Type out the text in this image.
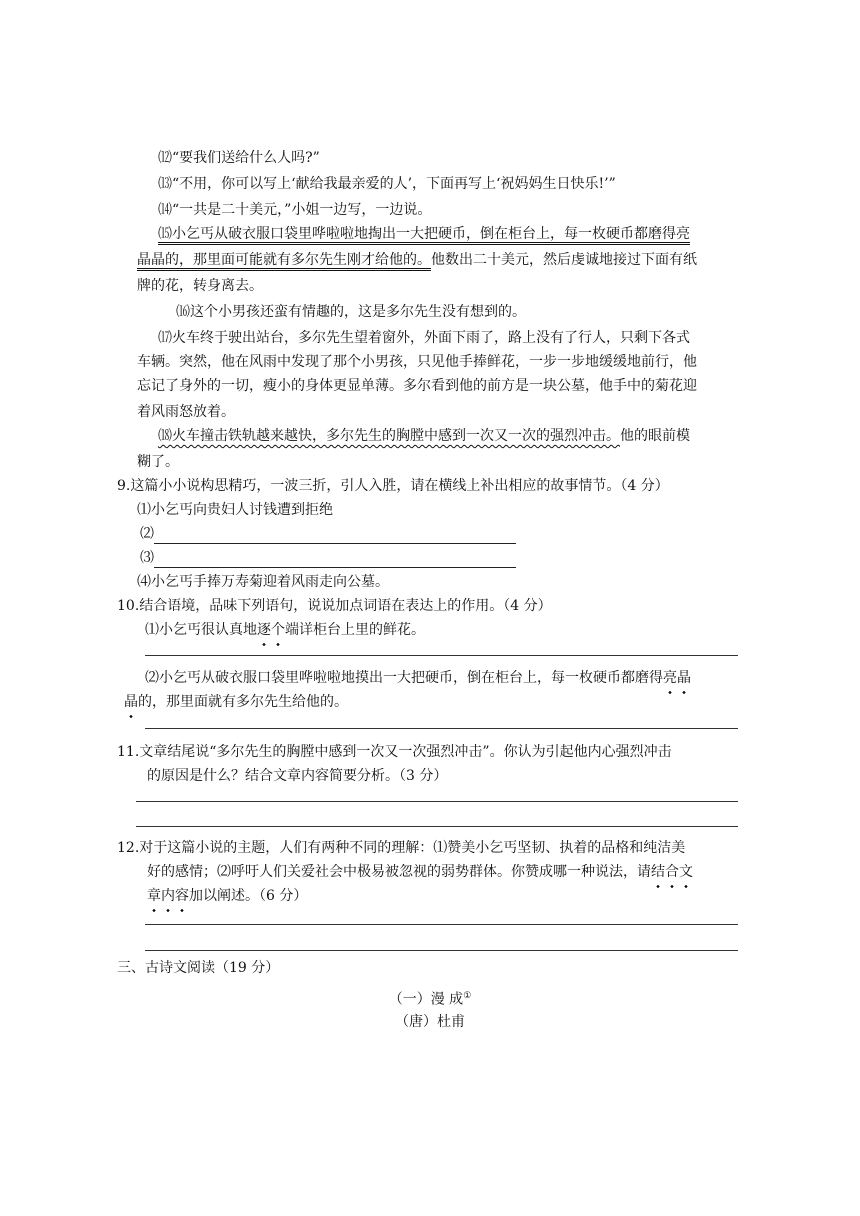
⑿“要我们送给什么人吗?”
⒀“不用，你可以写上‘献给我最亲爱的人’，下面再写上‘祝妈妈生日快乐!’”
⒁“一共是二十美元，”小姐一边写，一边说。
⒂小乞丐从破衣服口袋里哗啦啦地掏出一大把硬币，倒在柜台上，每一枚硬币都磨得亮
晶晶的，那里面可能就有多尔先生刚才给他的。他数出二十美元，然后虔诚地接过下面有纸
牌的花，转身离去。
⒃这个小男孩还蛮有情趣的，这是多尔先生没有想到的。
⒄火车终于驶出站台，多尔先生望着窗外，外面下雨了，路上没有了行人，只剩下各式
车辆。突然，他在风雨中发现了那个小男孩，只见他手捧鲜花，一步一步地缓缓地前行，他
忘记了身外的一切，瘦小的身体更显单薄。多尔看到他的前方是一块公墓，他手中的菊花迎
着风雨怒放着。
⒅火车撞击铁轨越来越快，多尔先生的胸膛中感到一次又一次的强烈冲击。他的眼前模
糊了。
9.这篇小小说构思精巧，一波三折，引人入胜，请在横线上补出相应的故事情节。（4 分）
⑴小乞丐向贵妇人讨钱遭到拒绝
⑵
⑶
⑷小乞丐手捧万寿菊迎着风雨走向公墓。
10.结合语境，品味下列语句，说说加点词语在表达上的作用。（4 分）
⑴小乞丐很认真地逐个端详柜台上里的鲜花。
⑵小乞丐从破衣服口袋里哗啦啦地摸出一大把硬币，倒在柜台上，每一枚硬币都磨得亮晶
晶的，那里面就有多尔先生给他的。
11.文章结尾说“多尔先生的胸膛中感到一次又一次强烈冲击”。你认为引起他内心强烈冲击
的原因是什么？结合文章内容简要分析。（3 分）
12.对于这篇小说的主题，人们有两种不同的理解：⑴赞美小乞丐坚韧、执着的品格和纯洁美
好的感情；⑵呼吁人们关爱社会中极易被忽视的弱势群体。你赞成哪一种说法，请结合文
章内容加以阐述。（6 分）
三、古诗文阅读（19 分）
（一）漫 成①
（唐）杜甫
